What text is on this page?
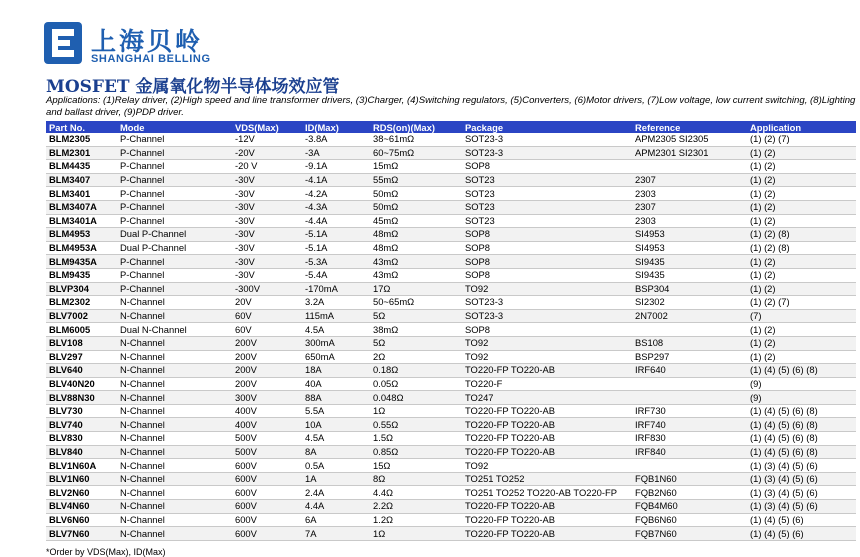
上海贝岭
SHANGHAI BELLING
MOSFET 金属氧化物半导体场效应管
Applications: (1)Relay driver, (2)High speed and line transformer drivers, (3)Charger, (4)Switching regulators, (5)Converters, (6)Motor drivers, (7)Low voltage, low current switching, (8)Lighting and ballast driver, (9)PDP driver.
Part No.	Mode	VDS(Max)	ID(Max)	RDS(on)(Max)	Package	Reference	Application
BLM2305	P-Channel	-12V	-3.8A	38~61mΩ	SOT23-3	APM2305 SI2305	(1) (2) (7)
BLM2301	P-Channel	-20V	-3A	60~75mΩ	SOT23-3	APM2301 SI2301	(1) (2)
BLM4435	P-Channel	-20 V	-9.1A	15mΩ	SOP8		(1) (2)
BLM3407	P-Channel	-30V	-4.1A	55mΩ	SOT23	2307	(1) (2)
BLM3401	P-Channel	-30V	-4.2A	50mΩ	SOT23	2303	(1) (2)
BLM3407A	P-Channel	-30V	-4.3A	50mΩ	SOT23	2307	(1) (2)
BLM3401A	P-Channel	-30V	-4.4A	45mΩ	SOT23	2303	(1) (2)
BLM4953	Dual P-Channel	-30V	-5.1A	48mΩ	SOP8	SI4953	(1) (2) (8)
BLM4953A	Dual P-Channel	-30V	-5.1A	48mΩ	SOP8	SI4953	(1) (2) (8)
BLM9435A	P-Channel	-30V	-5.3A	43mΩ	SOP8	SI9435	(1) (2)
BLM9435	P-Channel	-30V	-5.4A	43mΩ	SOP8	SI9435	(1) (2)
BLVP304	P-Channel	-300V	-170mA	17Ω	TO92	BSP304	(1) (2)
BLM2302	N-Channel	20V	3.2A	50~65mΩ	SOT23-3	SI2302	(1) (2) (7)
BLV7002	N-Channel	60V	115mA	5Ω	SOT23-3	2N7002	(7)
BLM6005	Dual N-Channel	60V	4.5A	38mΩ	SOP8		(1) (2)
BLV108	N-Channel	200V	300mA	5Ω	TO92	BS108	(1) (2)
BLV297	N-Channel	200V	650mA	2Ω	TO92	BSP297	(1) (2)
BLV640	N-Channel	200V	18A	0.18Ω	TO220-FP TO220-AB	IRF640	(1) (4) (5) (6) (8)
BLV40N20	N-Channel	200V	40A	0.05Ω	TO220-F		(9)
BLV88N30	N-Channel	300V	88A	0.048Ω	TO247		(9)
BLV730	N-Channel	400V	5.5A	1Ω	TO220-FP TO220-AB	IRF730	(1) (4) (5) (6) (8)
BLV740	N-Channel	400V	10A	0.55Ω	TO220-FP TO220-AB	IRF740	(1) (4) (5) (6) (8)
BLV830	N-Channel	500V	4.5A	1.5Ω	TO220-FP TO220-AB	IRF830	(1) (4) (5) (6) (8)
BLV840	N-Channel	500V	8A	0.85Ω	TO220-FP TO220-AB	IRF840	(1) (4) (5) (6) (8)
BLV1N60A	N-Channel	600V	0.5A	15Ω	TO92		(1) (3) (4) (5) (6)
BLV1N60	N-Channel	600V	1A	8Ω	TO251 TO252	FQB1N60	(1) (3) (4) (5) (6)
BLV2N60	N-Channel	600V	2.4A	4.4Ω	TO251 TO252 TO220-AB TO220-FP	FQB2N60	(1) (3) (4) (5) (6)
BLV4N60	N-Channel	600V	4.4A	2.2Ω	TO220-FP TO220-AB	FQB4M60	(1) (3) (4) (5) (6)
BLV6N60	N-Channel	600V	6A	1.2Ω	TO220-FP TO220-AB	FQB6N60	(1) (4) (5) (6)
BLV7N60	N-Channel	600V	7A	1Ω	TO220-FP TO220-AB	FQB7N60	(1) (4) (5) (6)
*Order by VDS(Max), ID(Max)
